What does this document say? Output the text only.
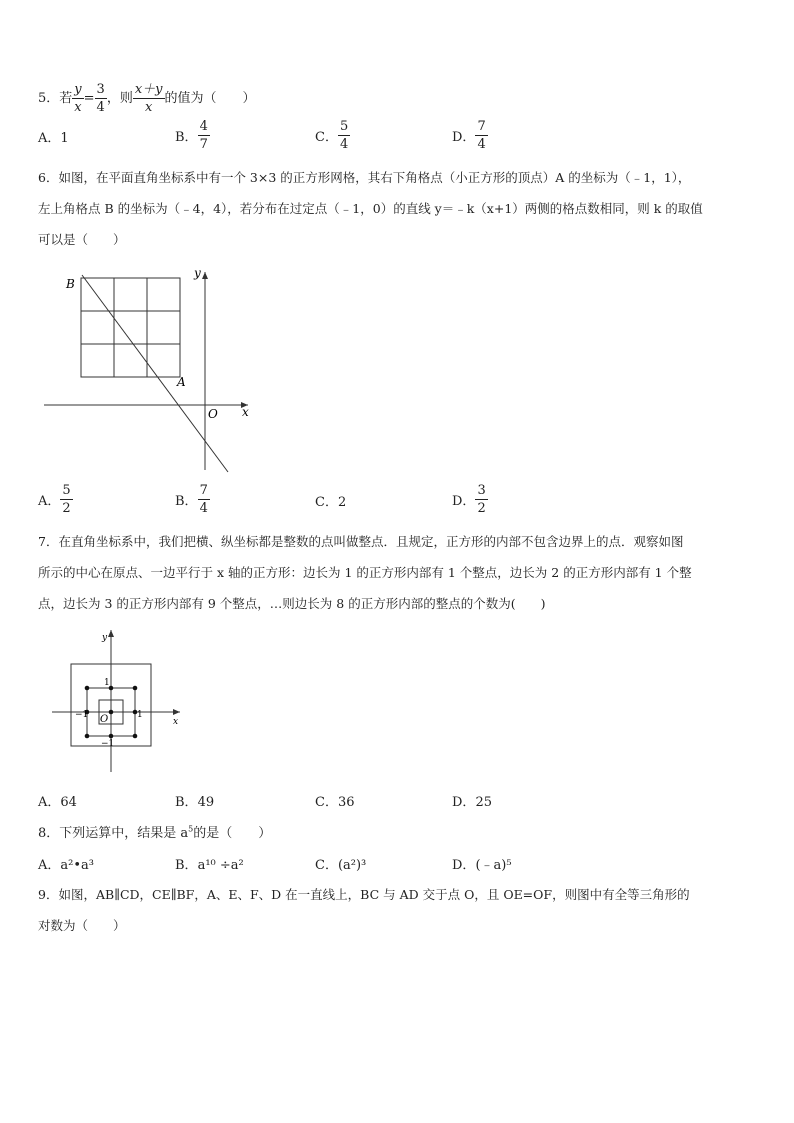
5．若 $\frac{y}{x} = \frac{3}{4}$ ，则 $\frac{x+y}{x}$ 的值为（　　）
A．1	B． $\frac{4}{7}$	C． $\frac{5}{4}$	D． $\frac{7}{4}$
6．如图，在平面直角坐标系中有一个 3×3 的正方形网格，其右下角格点（小正方形的顶点）A 的坐标为（﹣1，1），
左上角格点 B 的坐标为（﹣4，4），若分布在过定点（﹣1，0）的直线 y＝﹣k（x+1）两侧的格点数相同，则 k 的取值
可以是（　　）
B
A
O x
y
A． $\frac{5}{2}$	B． $\frac{7}{4}$	C．2	D． $\frac{3}{2}$
7．在直角坐标系中，我们把横、纵坐标都是整数的点叫做整点．且规定，正方形的内部不包含边界上的点．观察如图
所示的中心在原点、一边平行于 x 轴的正方形：边长为 1 的正方形内部有 1 个整点，边长为 2 的正方形内部有 1 个整
点，边长为 3 的正方形内部有 9 个整点，…则边长为 8 的正方形内部的整点的个数为(　　)
y
x
O
1
1
−1
−1
A．64	B．49	C．36	D．25
8．下列运算中，结果是 $a^5$的是（　　）
A．a²•a³	B．a¹⁰ ÷a²	C．(a²)³	D．(﹣a)⁵
9．如图，AB∥CD，CE∥BF，A、E、F、D 在一直线上，BC 与 AD 交于点 O，且 OE=OF，则图中有全等三角形的
对数为（　　）
